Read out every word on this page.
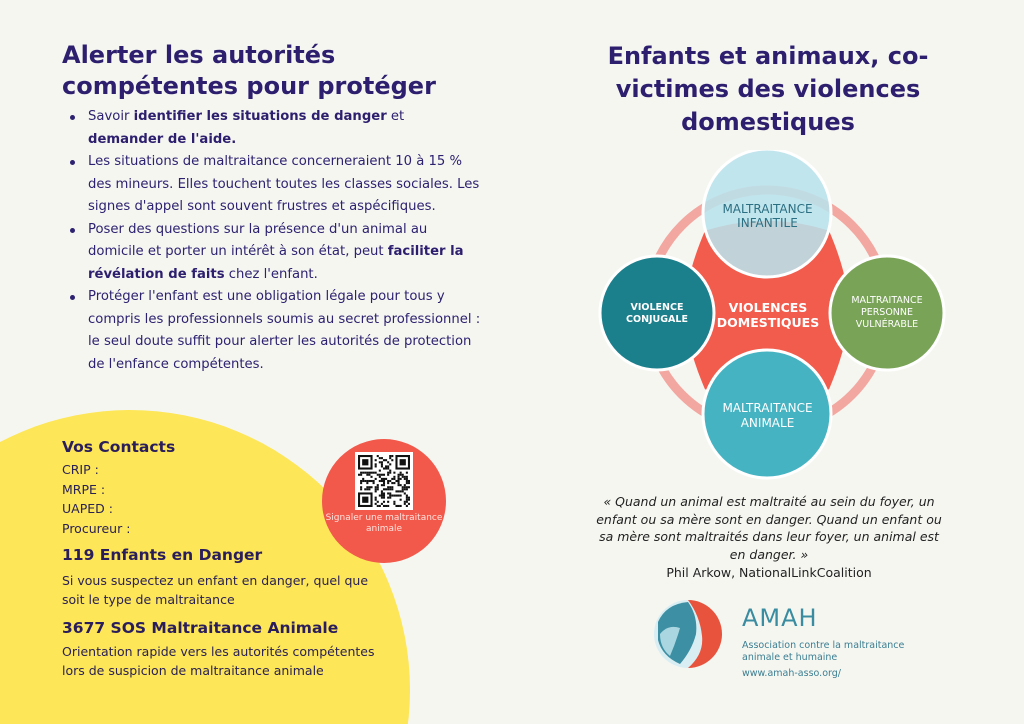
Alerter les autorités compétentes pour protéger
Savoir identifier les situations de danger et demander de l'aide.
Les situations de maltraitance concerneraient 10 à 15 % des mineurs. Elles touchent toutes les classes sociales. Les signes d'appel sont souvent frustres et aspécifiques.
Poser des questions sur la présence d'un animal au domicile et porter un intérêt à son état, peut faciliter la révélation de faits chez l'enfant.
Protéger l'enfant est une obligation légale pour tous y compris les professionnels soumis au secret professionnel : le seul doute suffit pour alerter les autorités de protection de l'enfance compétentes.
Vos Contacts
CRIP :
MRPE :
UAPED :
Procureur :
119 Enfants en Danger
Si vous suspectez un enfant en danger, quel que soit le type de maltraitance
3677 SOS Maltraitance Animale
Orientation rapide vers les autorités compétentes lors de suspicion de maltraitance animale
Signaler une maltraitance animale
Enfants et animaux, co-victimes des violences domestiques
MALTRAITANCE INFANTILE
VIOLENCES DOMESTIQUES
VIOLENCE CONJUGALE
MALTRAITANCE PERSONNE VULNÉRABLE
MALTRAITANCE ANIMALE

« Quand un animal est maltraité au sein du foyer, un enfant ou sa mère sont en danger. Quand un enfant ou sa mère sont maltraités dans leur foyer, un animal est en danger. »

Phil Arkow, NationalLinkCoalition

AMAH
Association contre la maltraitance animale et humaine
www.amah-asso.org/
